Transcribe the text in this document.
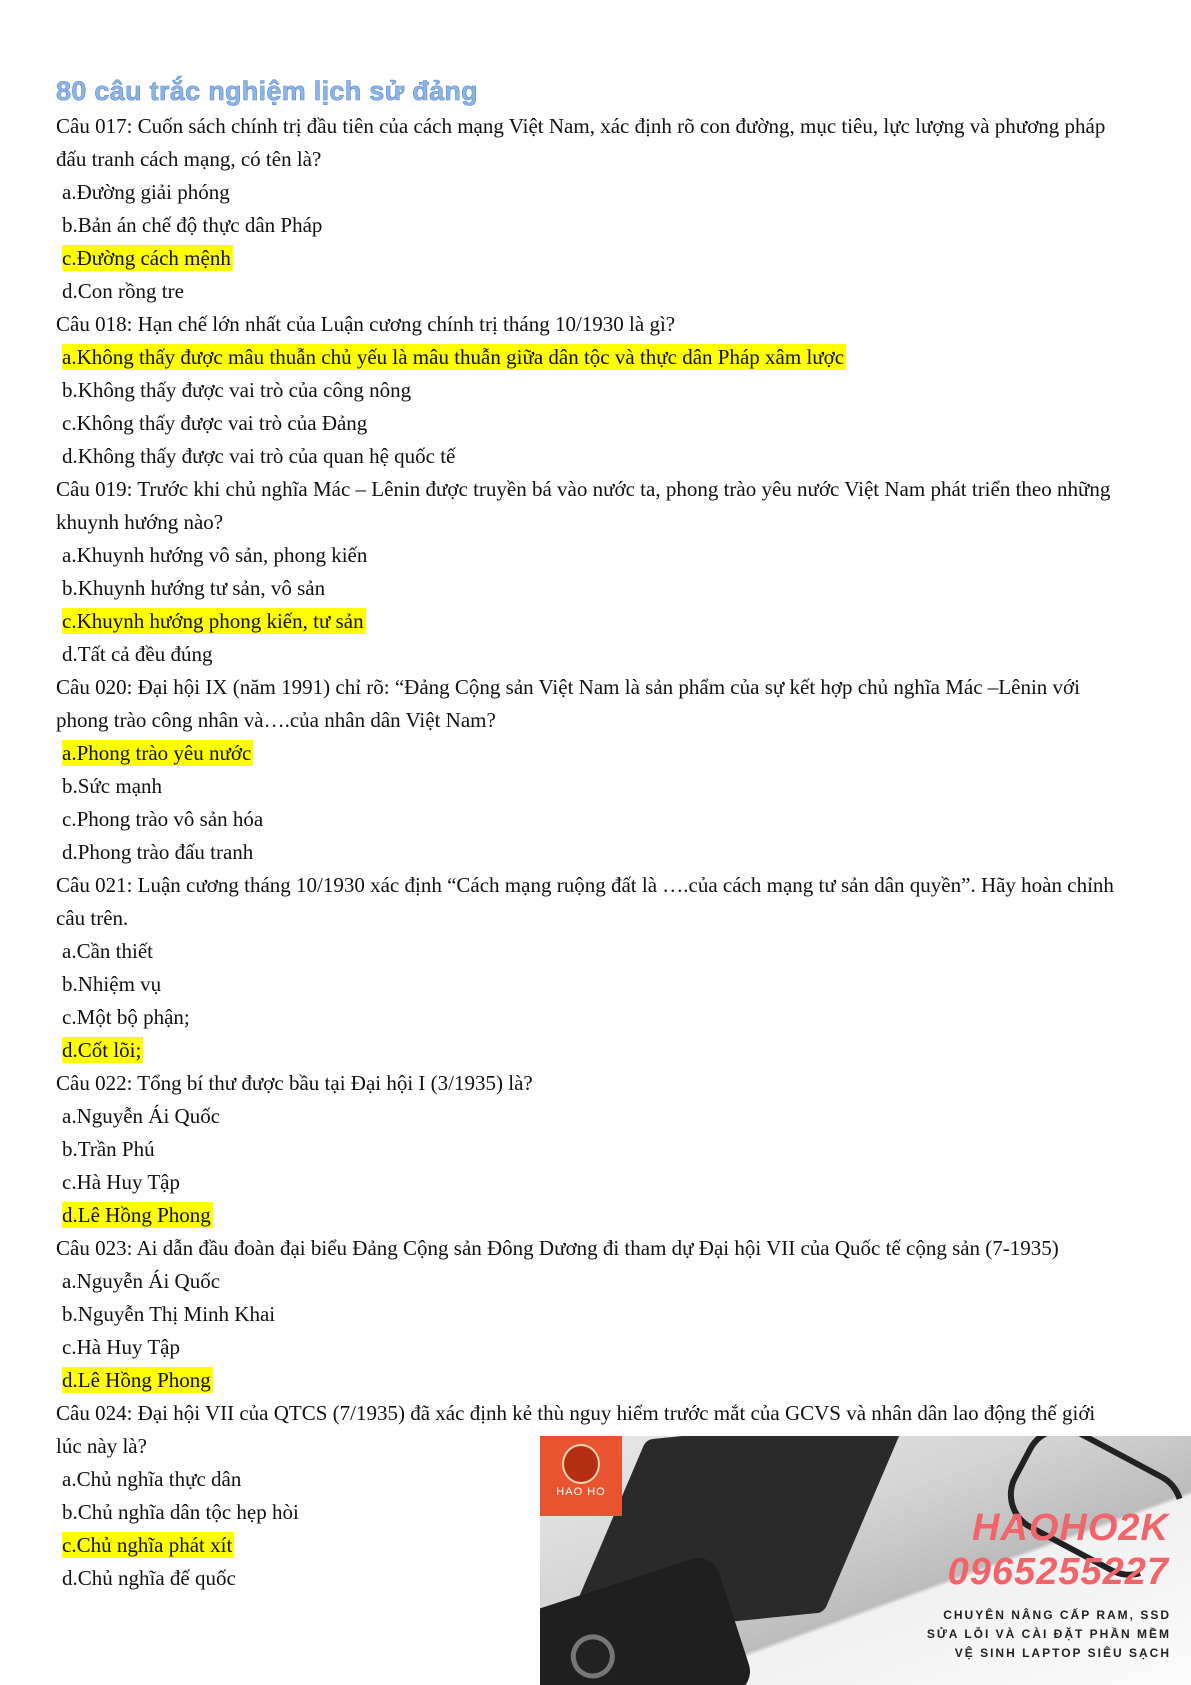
80 câu trắc nghiệm lịch sử đảng

Câu 017: Cuốn sách chính trị đầu tiên của cách mạng Việt Nam, xác định rõ con đường, mục tiêu, lực lượng và phương pháp đấu tranh cách mạng, có tên là?

a.Đường giải phóng

b.Bản án chế độ thực dân Pháp

c.Đường cách mệnh

d.Con rồng tre

Câu 018: Hạn chế lớn nhất của Luận cương chính trị tháng 10/1930 là gì?

a.Không thấy được mâu thuẫn chủ yếu là mâu thuẫn giữa dân tộc và thực dân Pháp xâm lược

b.Không thấy được vai trò của công nông

c.Không thấy được vai trò của Đảng

d.Không thấy được vai trò của quan hệ quốc tế

Câu 019: Trước khi chủ nghĩa Mác – Lênin được truyền bá vào nước ta, phong trào yêu nước Việt Nam phát triển theo những khuynh hướng nào?

a.Khuynh hướng vô sản, phong kiến

b.Khuynh hướng tư sản, vô sản

c.Khuynh hướng phong kiến, tư sản

d.Tất cả đều đúng

Câu 020: Đại hội IX (năm 1991) chỉ rõ: “Đảng Cộng sản Việt Nam là sản phẩm của sự kết hợp chủ nghĩa Mác –Lênin với phong trào công nhân và….của nhân dân Việt Nam?

a.Phong trào yêu nước

b.Sức mạnh

c.Phong trào vô sản hóa

d.Phong trào đấu tranh

Câu 021: Luận cương tháng 10/1930 xác định “Cách mạng ruộng đất là ….của cách mạng tư sản dân quyền”. Hãy hoàn chỉnh câu trên.

a.Cần thiết

b.Nhiệm vụ

c.Một bộ phận;

d.Cốt lõi;

Câu 022: Tổng bí thư được bầu tại Đại hội I (3/1935) là?

a.Nguyễn Ái Quốc

b.Trần Phú

c.Hà Huy Tập

d.Lê Hồng Phong

Câu 023: Ai dẫn đầu đoàn đại biểu Đảng Cộng sản Đông Dương đi tham dự Đại hội VII của Quốc tế cộng sản (7-1935)

a.Nguyễn Ái Quốc

b.Nguyễn Thị Minh Khai

c.Hà Huy Tập

d.Lê Hồng Phong

Câu 024: Đại hội VII của QTCS (7/1935) đã xác định kẻ thù nguy hiểm trước mắt của GCVS và nhân dân lao động thế giới lúc này là?

a.Chủ nghĩa thực dân

b.Chủ nghĩa dân tộc hẹp hòi

c.Chủ nghĩa phát xít

d.Chủ nghĩa đế quốc

HAO HO
HAOHO2K
0965255227
CHUYÊN NÂNG CẤP RAM, SSD
SỬA LỖI VÀ CÀI ĐẶT PHẦN MỀM
VỆ SINH LAPTOP SIÊU SẠCH
